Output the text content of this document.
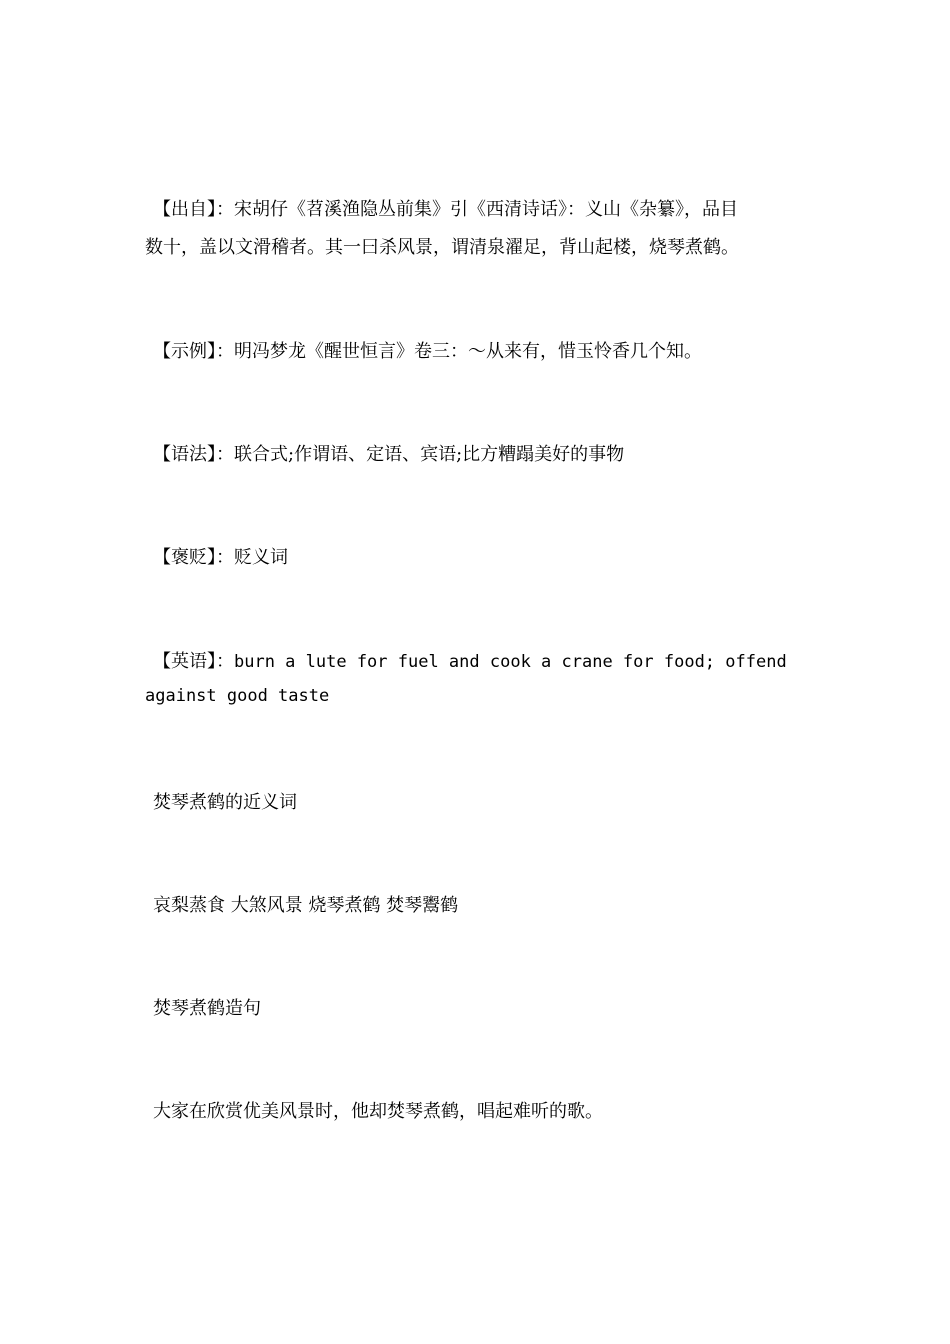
【出自】：宋胡仔《苕溪渔隐丛前集》引《西清诗话》：义山《杂纂》，品目

数十，盖以文滑稽者。其一曰杀风景，谓清泉濯足，背山起楼，烧琴煮鹤。

【示例】：明冯梦龙《醒世恒言》卷三：～从来有，惜玉怜香几个知。

【语法】：联合式;作谓语、定语、宾语;比方糟蹋美好的事物

【褒贬】：贬义词

【英语】：burn a lute for fuel and cook a crane for food; offend

against good taste

焚琴煮鹤的近义词

哀梨蒸食 大煞风景 烧琴煮鹤 焚琴鬻鹤

焚琴煮鹤造句

大家在欣赏优美风景时，他却焚琴煮鹤，唱起难听的歌。
